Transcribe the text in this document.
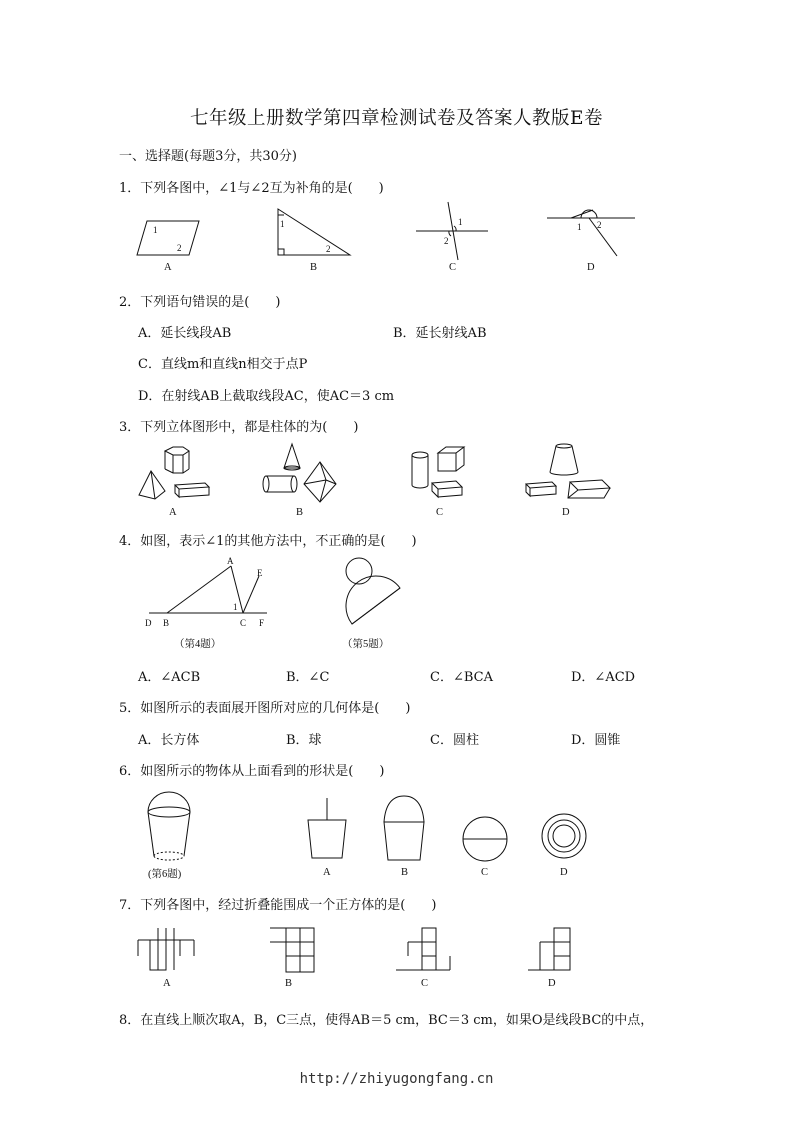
七年级上册数学第四章检测试卷及答案人教版E卷
一、选择题(每题3分，共30分)
1．下列各图中，∠1与∠2互为补角的是(　　)
1
2
A
1
2
B
1
2
C
1 2
D
2．下列语句错误的是(　　)
A．延长线段AB	B．延长射线AB
C．直线m和直线n相交于点P
D．在射线AB上截取线段AC，使AC＝3 cm
3．下列立体图形中，都是柱体的为(　　)
A	B	C	D
4．如图，表示∠1的其他方法中，不正确的是(　　)
A
E
D B	C F
1
（第4题）	（第5题）
A．∠ACB	B．∠C	C．∠BCA	D．∠ACD
5．如图所示的表面展开图所对应的几何体是(　　)
A．长方体	B．球	C．圆柱	D．圆锥
6．如图所示的物体从上面看到的形状是(　　)
(第6题)	A	B	C	D
7．下列各图中，经过折叠能围成一个正方体的是(　　)
A	B	C	D
8．在直线上顺次取A，B，C三点，使得AB＝5 cm，BC＝3 cm，如果O是线段BC的中点，
http://zhiyugongfang.cn
